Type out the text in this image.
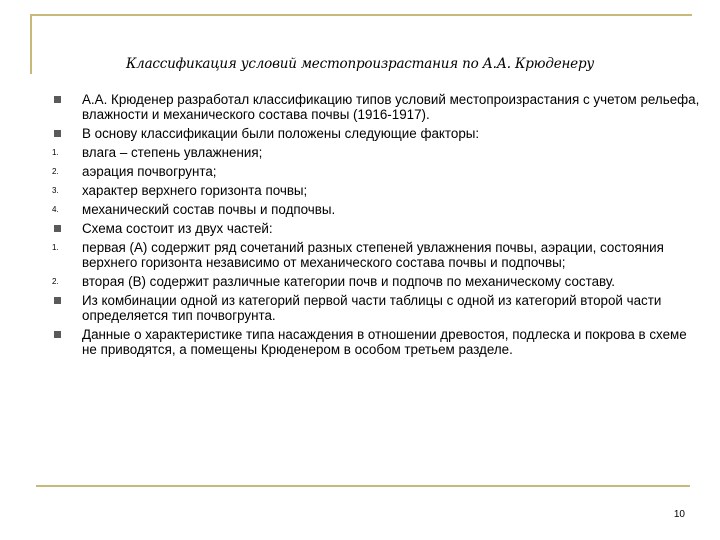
Классификация условий местопроизрастания по А.А. Крюденеру
А.А. Крюденер разработал классификацию типов условий местопроизрастания с учетом рельефа, влажности и механического состава почвы (1916-1917).
В основу классификации были положены следующие факторы:
1.	влага – степень увлажнения;
2.	аэрация почвогрунта;
3.	характер верхнего горизонта почвы;
4.	механический состав почвы и подпочвы.
Схема состоит из двух частей:
1.	первая (А) содержит ряд сочетаний разных степеней увлажнения почвы, аэрации, состояния верхнего горизонта независимо от механического состава почвы и подпочвы;
2.	вторая (В) содержит различные категории почв и подпочв по механическому составу.
Из комбинации одной из категорий первой части таблицы с одной из категорий второй части определяется тип почвогрунта.
Данные о характеристике типа насаждения в отношении древостоя, подлеска и покрова в схеме не приводятся, а помещены Крюденером в особом третьем разделе.
10
